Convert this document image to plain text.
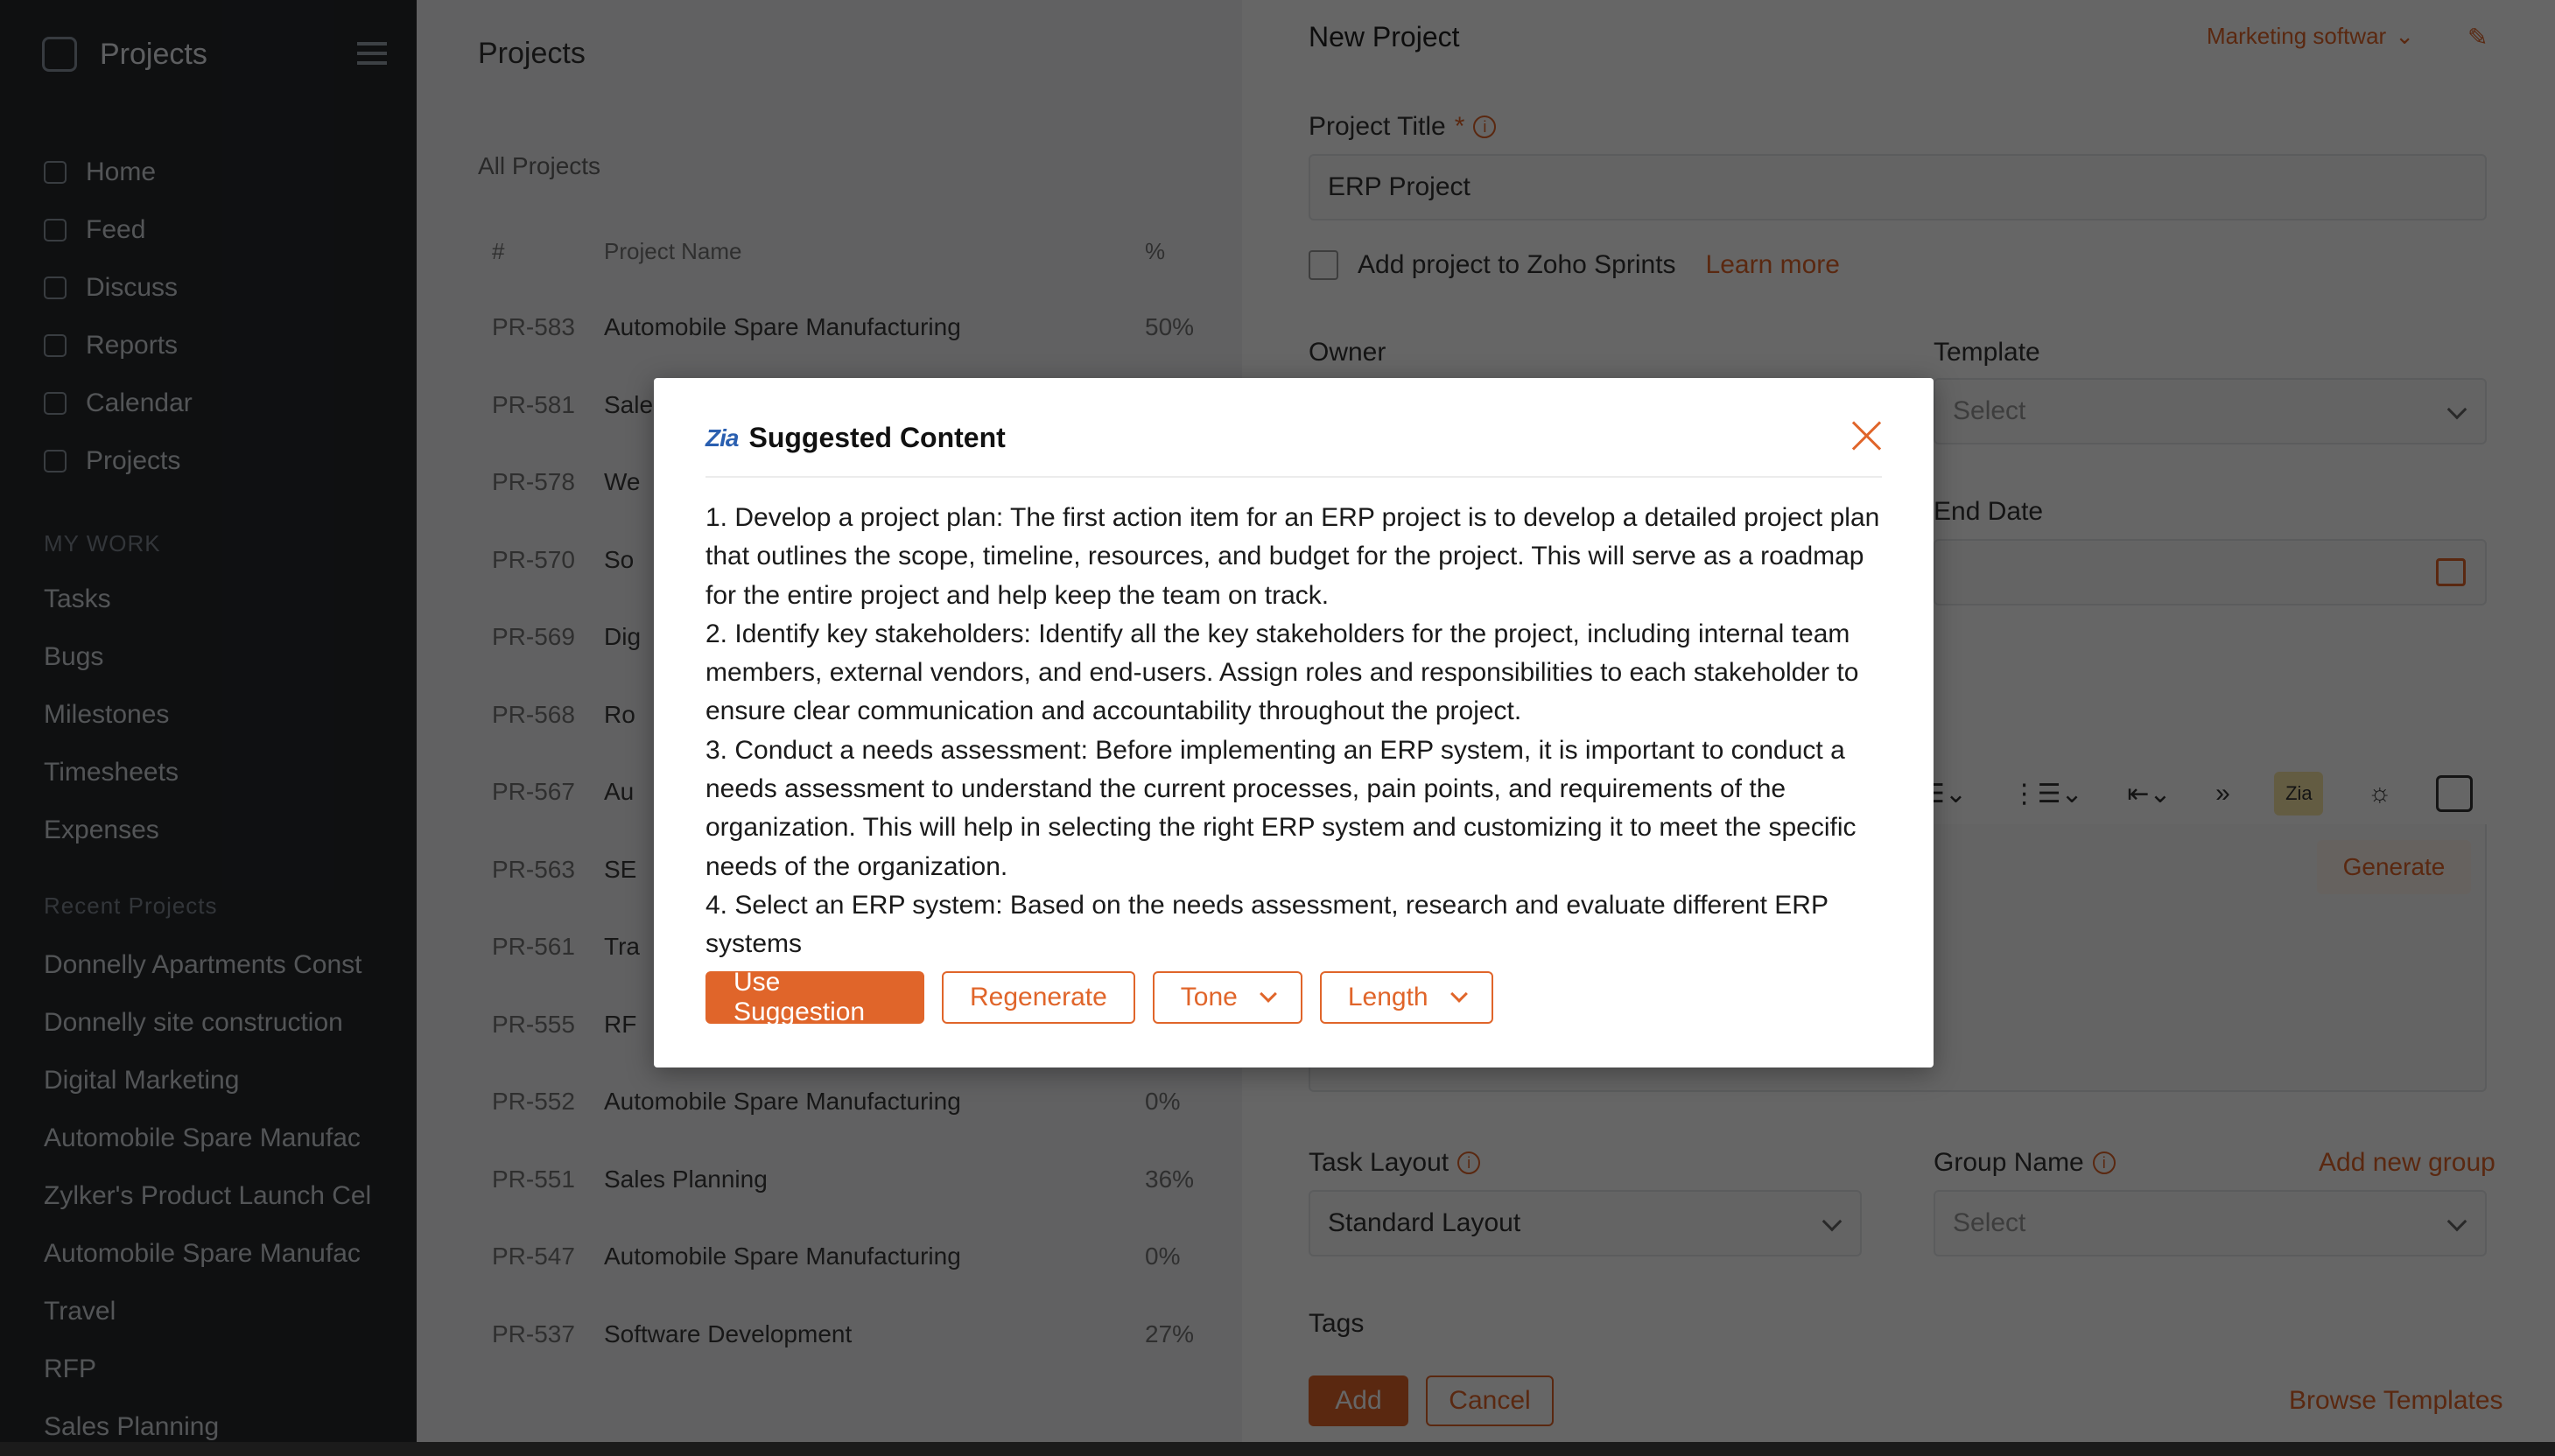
Zia Suggested Content

1. Develop a project plan: The first action item for an ERP project is to develop a detailed project plan that outlines the scope, timeline, resources, and budget for the project. This will serve as a roadmap for the entire project and help keep the team on track.

2. Identify key stakeholders: Identify all the key stakeholders for the project, including internal team members, external vendors, and end-users. Assign roles and responsibilities to each stakeholder to ensure clear communication and accountability throughout the project.

3. Conduct a needs assessment: Before implementing an ERP system, it is important to conduct a needs assessment to understand the current processes, pain points, and requirements of the organization. This will help in selecting the right ERP system and customizing it to meet the specific needs of the organization.

4. Select an ERP system: Based on the needs assessment, research and evaluate different ERP systems

Use Suggestion
Regenerate	Tone	Length
